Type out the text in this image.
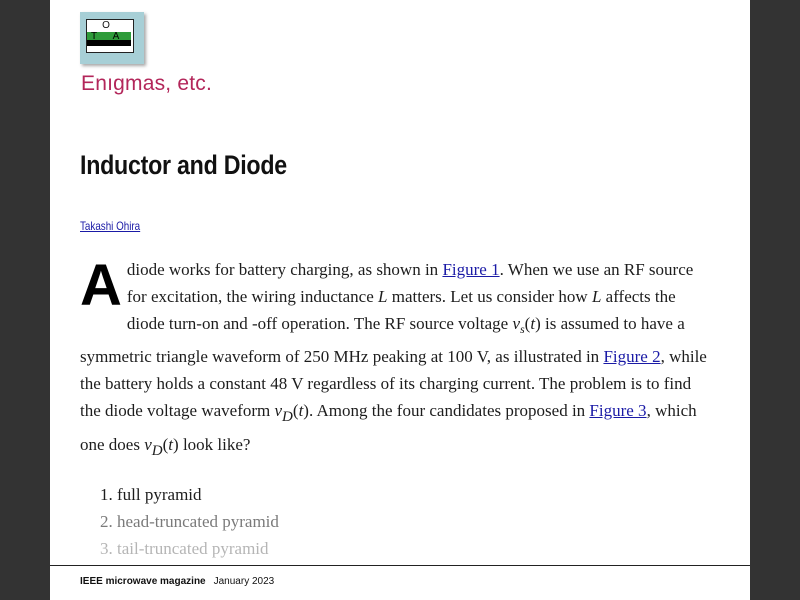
O
T A
Enıgmas, etc.
Inductor and Diode
Takashi Ohira
A diode works for battery charging, as shown in Figure 1. When we use an RF source for excitation, the wiring inductance L matters. Let us consider how L affects the diode turn-on and -off operation. The RF source voltage $v_s(t)$ is assumed to have a symmetric triangle waveform of 250 MHz peaking at 100 V, as illustrated in Figure 2, while the battery holds a constant 48 V regardless of its charging current. The problem is to find the diode voltage waveform vD(t). Among the four candidates proposed in Figure 3, which one does vD(t) look like?
1. full pyramid
2. head-truncated pyramid
3. tail-truncated pyramid
IEEE microwave magazine January 2023
